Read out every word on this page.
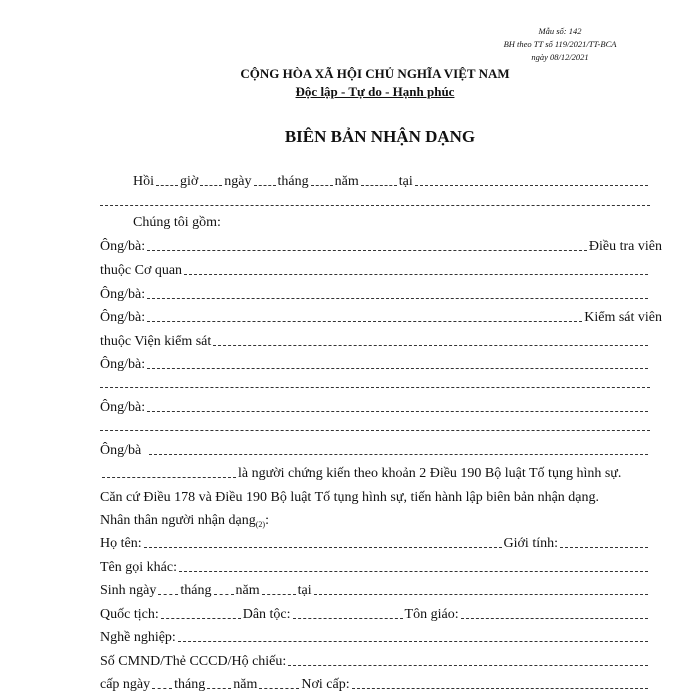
Mẫu số: 142
BH theo TT số 119/2021/TT-BCA
ngày 08/12/2021
CỘNG HÒA XÃ HỘI CHỦ NGHĨA VIỆT NAM
Độc lập - Tự do - Hạnh phúc
BIÊN BẢN NHẬN DẠNG
Hồi giờ ngày tháng năm	tại
Chúng tôi gồm:
Ông/bà:	Điều tra viên
thuộc Cơ quan
Ông/bà:
Ông/bà:	Kiểm sát viên
thuộc Viện kiểm sát
Ông/bà:
Ông/bà:
Ông/bà
là người chứng kiến theo khoản 2 Điều 190 Bộ luật Tố tụng hình sự.
Căn cứ Điều 178 và Điều 190 Bộ luật Tố tụng hình sự, tiến hành lập biên bản nhận dạng.
Nhân thân người nhận dạng$_{(2)}$ :
Họ tên:	Giới tính:
Tên gọi khác:
Sinh ngày tháng năm	tại
Quốc tịch:	Dân tộc:	Tôn giáo:
Nghề nghiệp:
Số CMND/Thẻ CCCD/Hộ chiếu:
cấp ngày tháng năm	Nơi cấp:
